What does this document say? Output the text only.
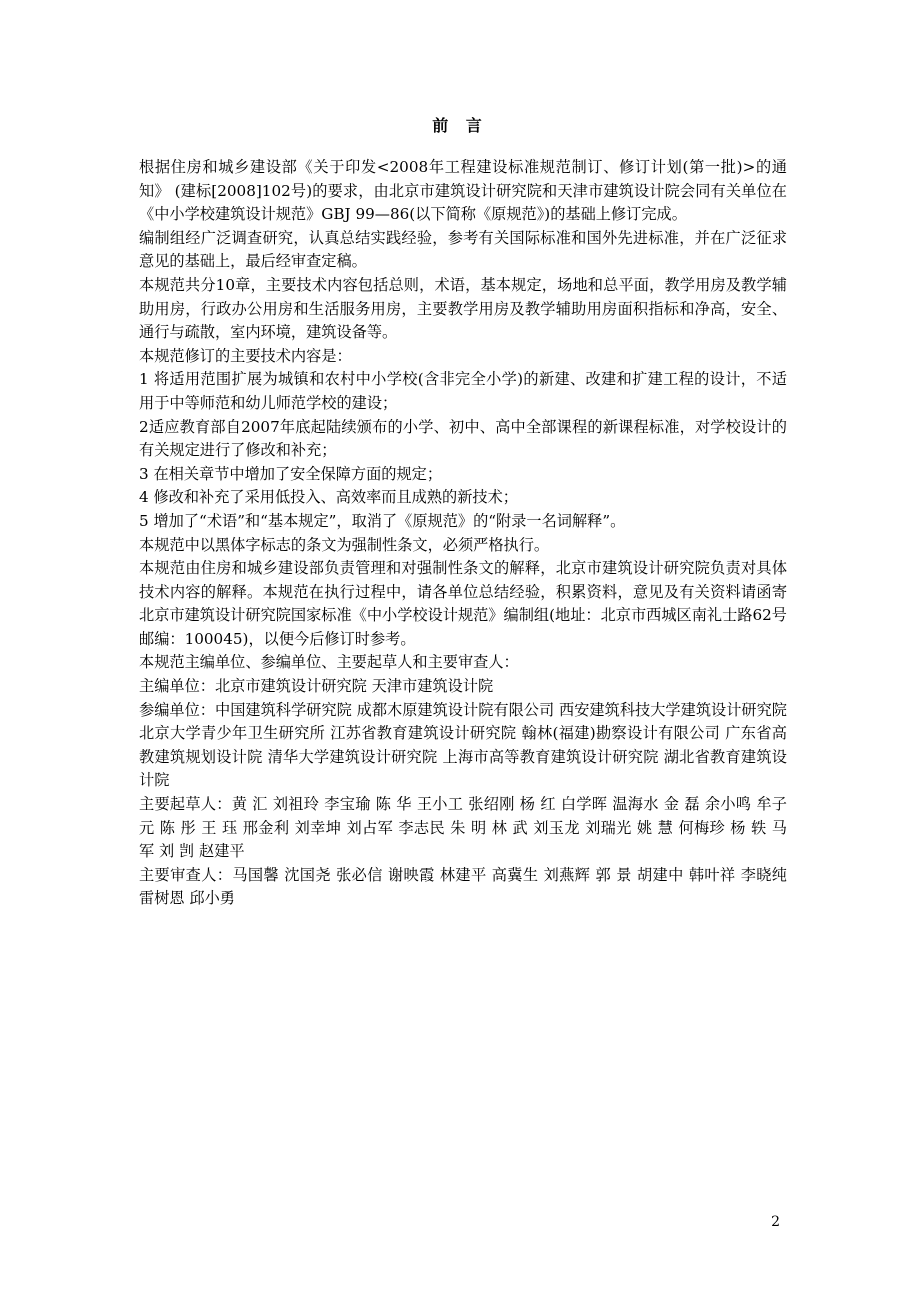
前 言

根据住房和城乡建设部《关于印发<2008年工程建设标准规范制订、修订计划(第一批)>的通知》 (建标[2008]102号)的要求，由北京市建筑设计研究院和天津市建筑设计院会同有关单位在《中小学校建筑设计规范》GBJ 99—86(以下简称《原规范》)的基础上修订完成。

编制组经广泛调查研究，认真总结实践经验，参考有关国际标准和国外先进标准，并在广泛征求意见的基础上，最后经审查定稿。

本规范共分10章，主要技术内容包括总则，术语，基本规定，场地和总平面，教学用房及教学辅助用房，行政办公用房和生活服务用房，主要教学用房及教学辅助用房面积指标和净高，安全、通行与疏散，室内环境，建筑设备等。

本规范修订的主要技术内容是：

1 将适用范围扩展为城镇和农村中小学校(含非完全小学)的新建、改建和扩建工程的设计，不适用于中等师范和幼儿师范学校的建设；

2适应教育部自2007年底起陆续颁布的小学、初中、高中全部课程的新课程标准，对学校设计的有关规定进行了修改和补充；

3 在相关章节中增加了安全保障方面的规定；

4 修改和补充了采用低投入、高效率而且成熟的新技术；

5 增加了“术语”和“基本规定”，取消了《原规范》的“附录一名词解释”。

本规范中以黑体字标志的条文为强制性条文，必须严格执行。

本规范由住房和城乡建设部负责管理和对强制性条文的解释，北京市建筑设计研究院负责对具体技术内容的解释。本规范在执行过程中，请各单位总结经验，积累资料，意见及有关资料请函寄北京市建筑设计研究院国家标准《中小学校设计规范》编制组(地址：北京市西城区南礼士路62号邮编：100045)，以便今后修订时参考。

本规范主编单位、参编单位、主要起草人和主要审查人：

主编单位：北京市建筑设计研究院 天津市建筑设计院

参编单位：中国建筑科学研究院 成都木原建筑设计院有限公司 西安建筑科技大学建筑设计研究院 北京大学青少年卫生研究所 江苏省教育建筑设计研究院 翰林(福建)勘察设计有限公司 广东省高教建筑规划设计院 清华大学建筑设计研究院 上海市高等教育建筑设计研究院 湖北省教育建筑设计院

主要起草人：黄 汇 刘祖玲 李宝瑜 陈 华 王小工 张绍刚 杨 红 白学晖 温海水 金 磊 余小鸣 牟子元 陈 彤 王 珏 邢金利 刘幸坤 刘占军 李志民 朱 明 林 武 刘玉龙 刘瑞光 姚 慧 何梅珍 杨 轶 马 军 刘 剀 赵建平

主要审查人：马国馨 沈国尧 张必信 谢映霞 林建平 高冀生 刘燕辉 郭 景 胡建中 韩叶祥 李晓纯 雷树恩 邱小勇

2
